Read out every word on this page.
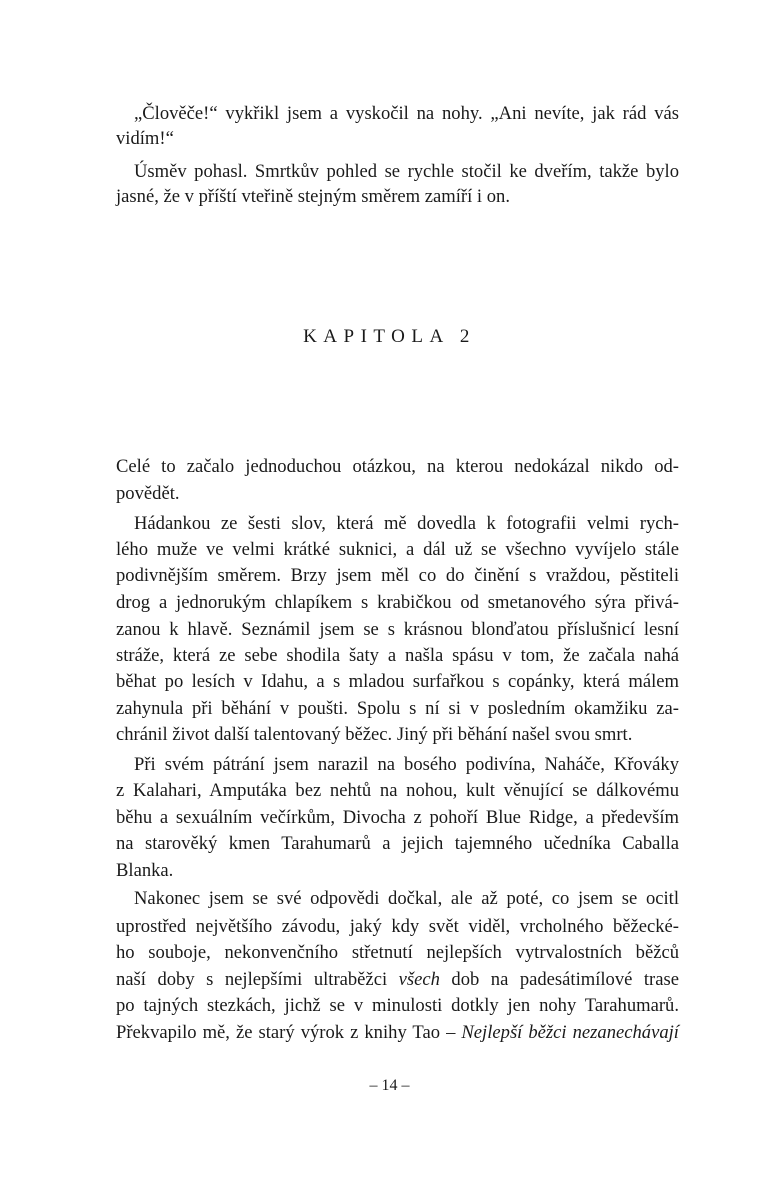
„Člověče!“ vykřikl jsem a vyskočil na nohy. „Ani nevíte, jak rád vás
vidím!“
Úsměv pohasl. Smrtkův pohled se rychle stočil ke dveřím, takže bylo
jasné, že v příští vteřině stejným směrem zamíří i on.
KAPITOLA 2
Celé to začalo jednoduchou otázkou, na kterou nedokázal nikdo od-
povědět.
Hádankou ze šesti slov, která mě dovedla k fotografii velmi rych-
lého muže ve velmi krátké suknici, a dál už se všechno vyvíjelo stále
podivnějším směrem. Brzy jsem měl co do činění s vraždou, pěstiteli
drog a jednorukým chlapíkem s krabičkou od smetanového sýra přivá-
zanou k hlavě. Seznámil jsem se s krásnou blonďatou příslušnicí lesní
stráže, která ze sebe shodila šaty a našla spásu v tom, že začala nahá
běhat po lesích v Idahu, a s mladou surfařkou s copánky, která málem
zahynula při běhání v poušti. Spolu s ní si v posledním okamžiku za-
chránil život další talentovaný běžec. Jiný při běhání našel svou smrt.
Při svém pátrání jsem narazil na bosého podivína, Naháče, Křováky
z Kalahari, Amputáka bez nehtů na nohou, kult věnující se dálkovému
běhu a sexuálním večírkům, Divocha z pohoří Blue Ridge, a především
na starověký kmen Tarahumarů a jejich tajemného učedníka Caballa
Blanka.
Nakonec jsem se své odpovědi dočkal, ale až poté, co jsem se ocitl
uprostřed největšího závodu, jaký kdy svět viděl, vrcholného běžecké-
ho souboje, nekonvenčního střetnutí nejlepších vytrvalostních běžců
naší doby s nejlepšími ultraběžci všech dob na padesátimílové trase
po tajných stezkách, jichž se v minulosti dotkly jen nohy Tarahumarů.
Překvapilo mě, že starý výrok z knihy Tao – Nejlepší běžci nezanechávají
– 14 –
